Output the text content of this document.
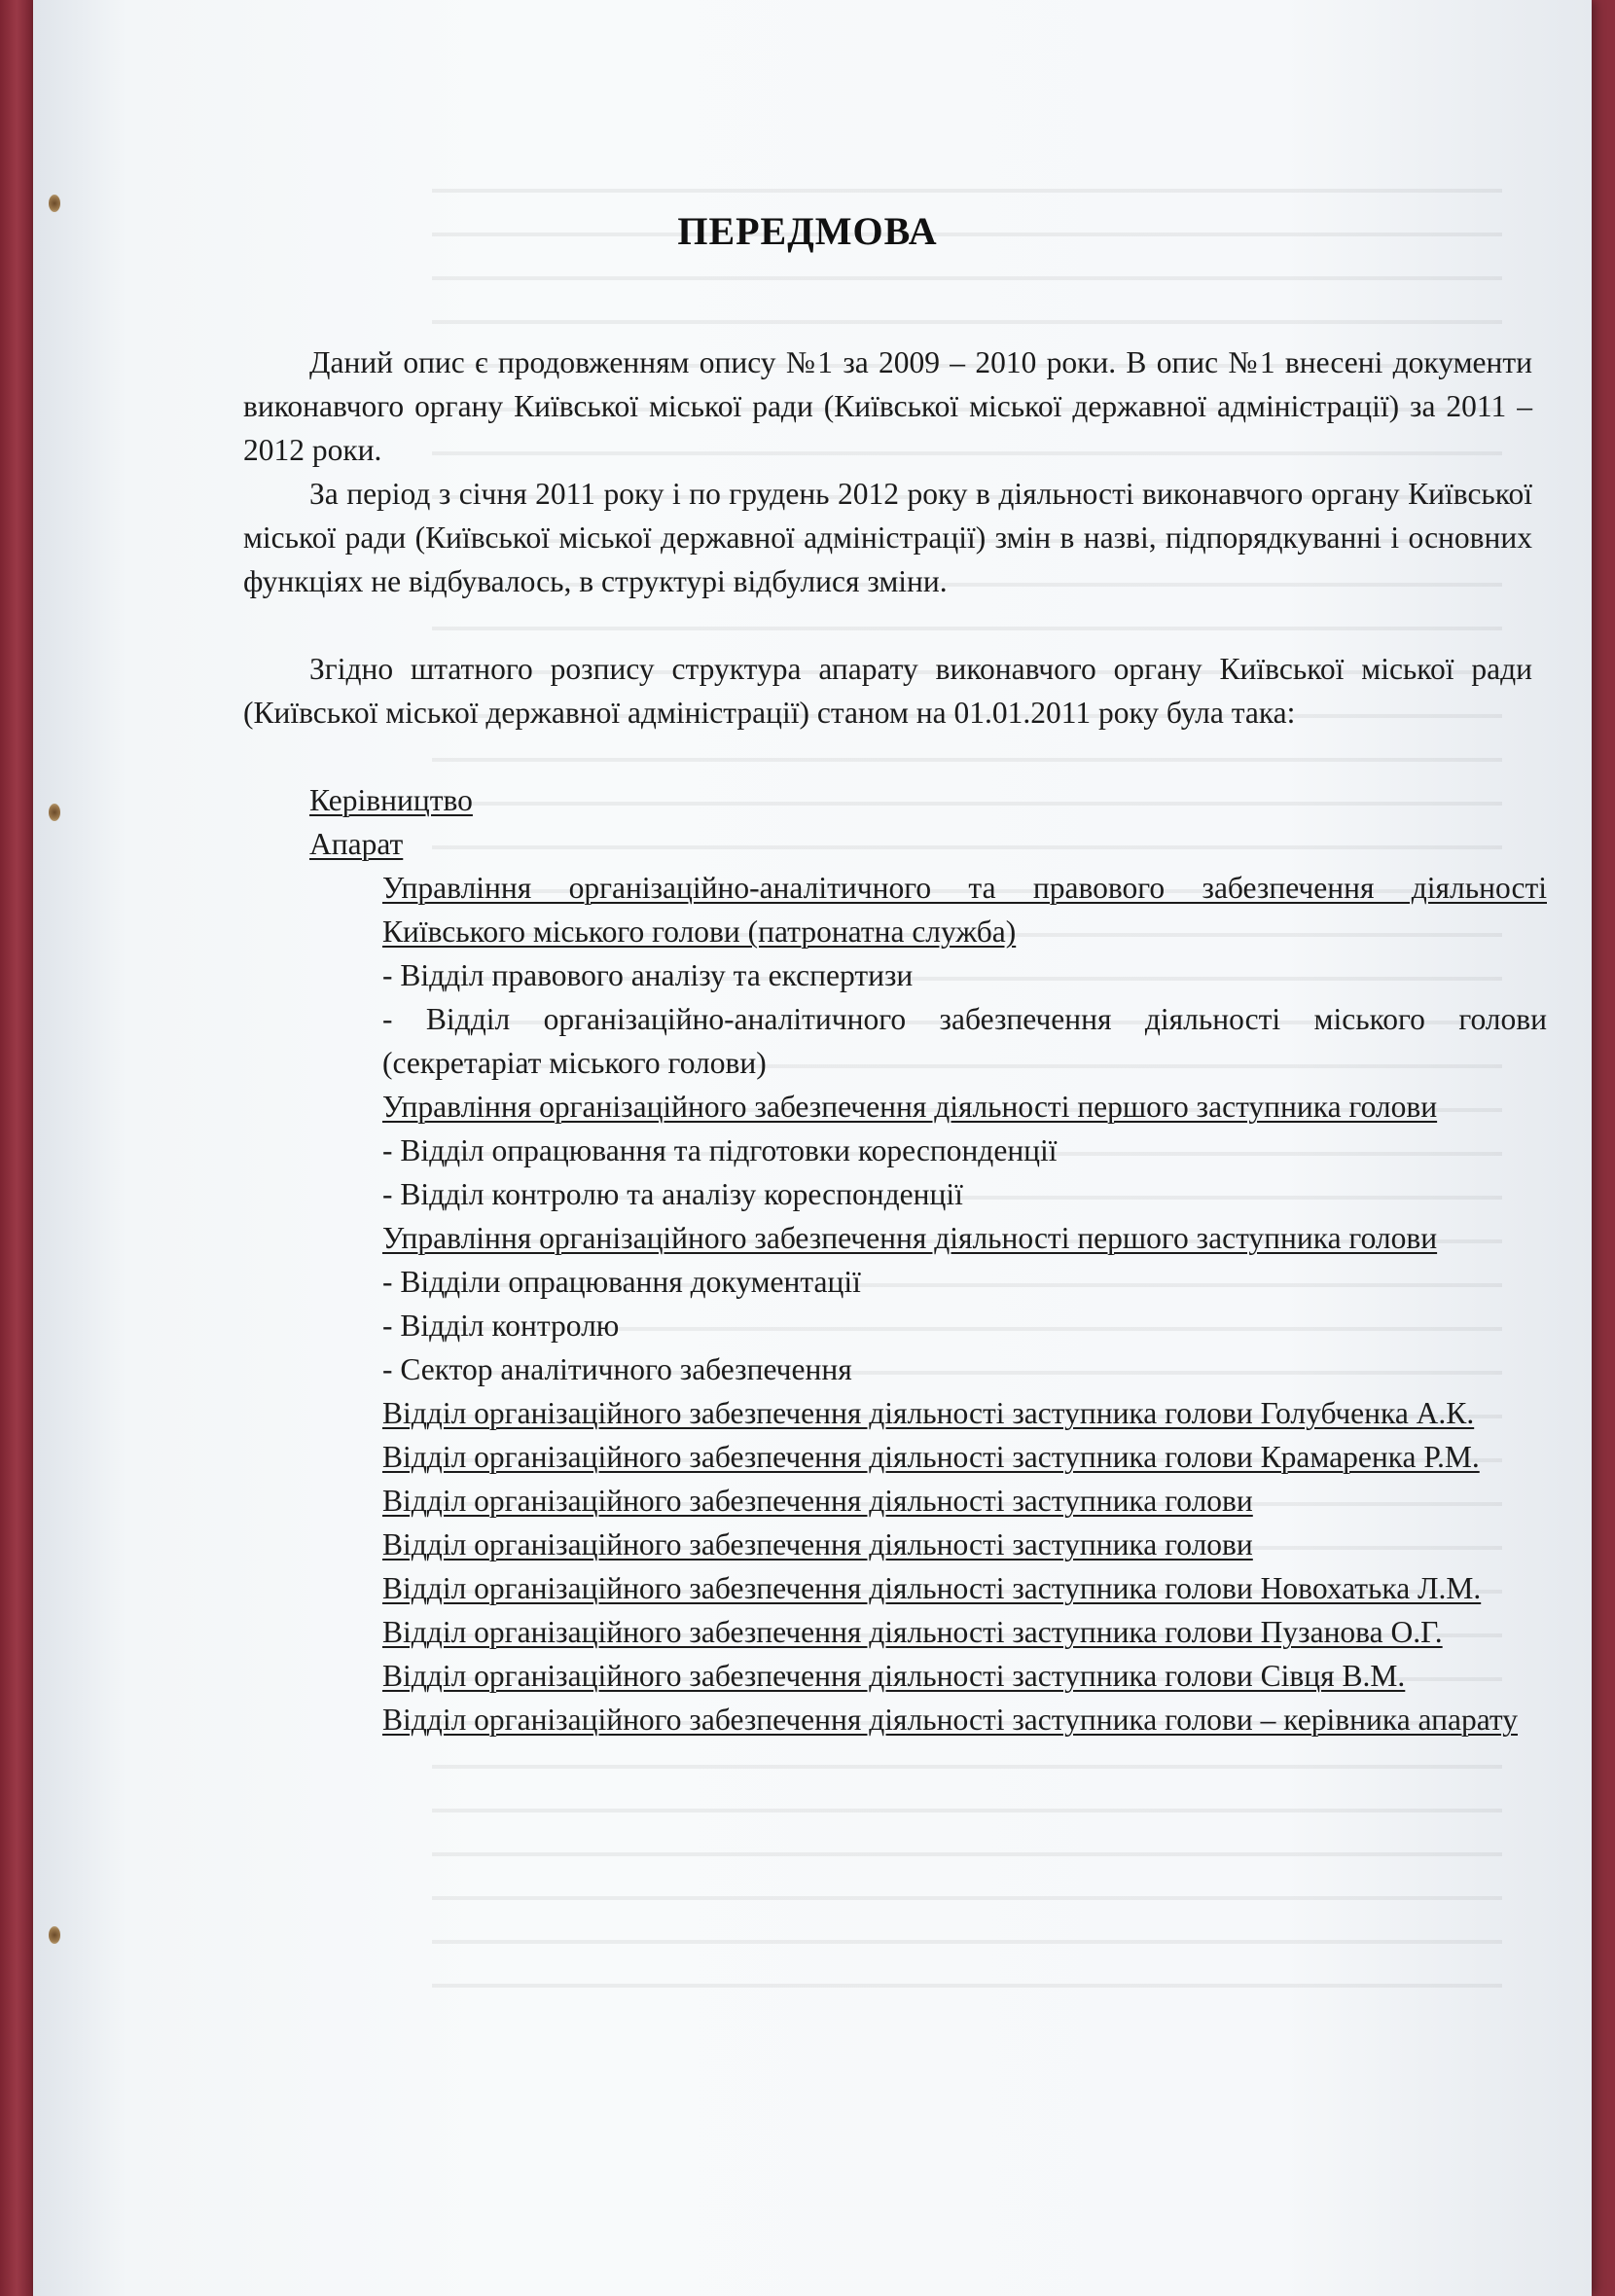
ПЕРЕДМОВА

Даний опис є продовженням опису №1 за 2009 – 2010 роки. В опис №1 внесені документи виконавчого органу Київської міської ради (Київської міської державної адміністрації) за 2011 – 2012 роки.

За період з січня 2011 року і по грудень 2012 року в діяльності виконавчого органу Київської міської ради (Київської міської державної адміністрації) змін в назві, підпорядкуванні і основних функціях не відбувалось, в структурі відбулися зміни.

Згідно штатного розпису структура апарату виконавчого органу Київської міської ради (Київської міської державної адміністрації) станом на 01.01.2011 року була така:

Керівництво

Апарат

Управління організаційно-аналітичного та правового забезпечення діяльності Київського міського голови (патронатна служба)

- Відділ правового аналізу та експертизи

- Відділ організаційно-аналітичного забезпечення діяльності міського голови (секретаріат міського голови)

Управління організаційного забезпечення діяльності першого заступника голови

- Відділ опрацювання та підготовки кореспонденції

- Відділ контролю та аналізу кореспонденції

Управління організаційного забезпечення діяльності першого заступника голови

- Відділи опрацювання документації

- Відділ контролю

- Сектор аналітичного забезпечення

Відділ організаційного забезпечення діяльності заступника голови Голубченка А.К.

Відділ організаційного забезпечення діяльності заступника голови Крамаренка Р.М.

Відділ організаційного забезпечення діяльності заступника голови

Відділ організаційного забезпечення діяльності заступника голови

Відділ організаційного забезпечення діяльності заступника голови Новохатька Л.М.

Відділ організаційного забезпечення діяльності заступника голови Пузанова О.Г.

Відділ організаційного забезпечення діяльності заступника голови Сівця В.М.

Відділ організаційного забезпечення діяльності заступника голови – керівника апарату
